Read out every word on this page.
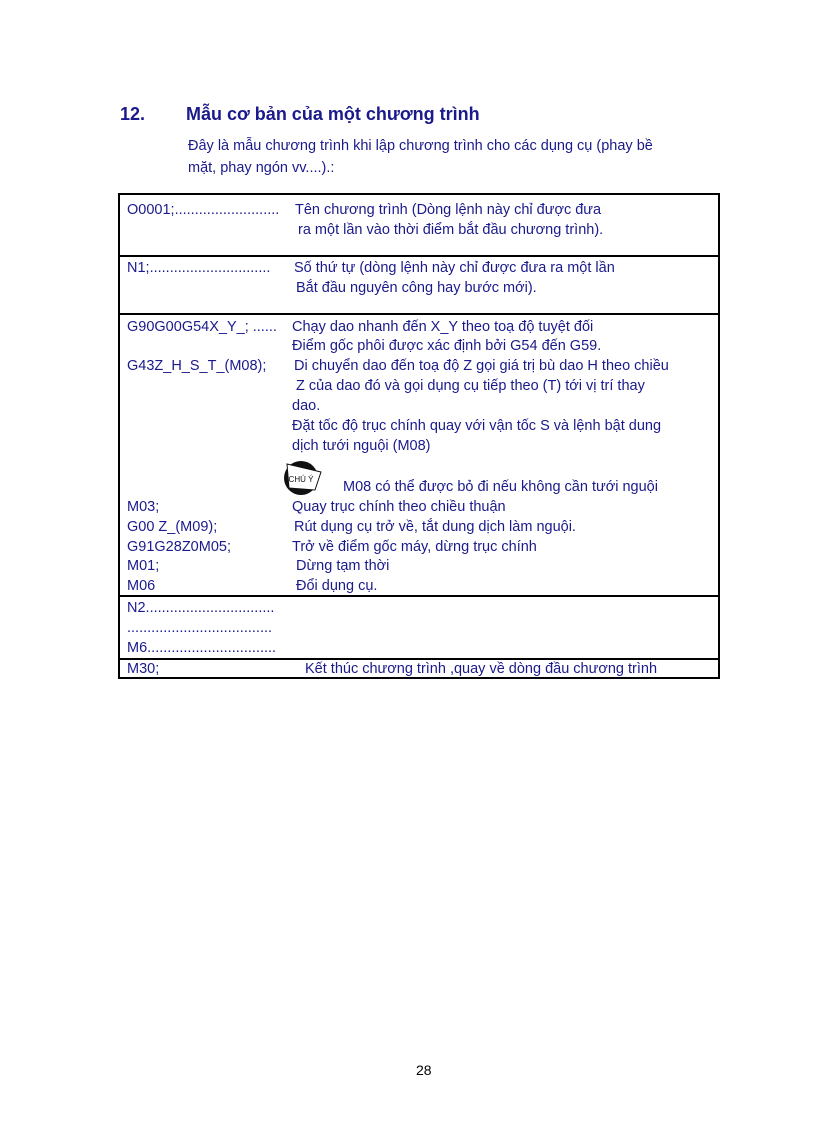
12. Mẫu cơ bản của một chương trình
Đây là mẫu chương trình khi lập chương trình cho các dụng cụ (phay bề
mặt, phay ngón vv....).:
O0001;.......................... Tên chương trình (Dòng lệnh này chỉ được đưa
ra một lần vào thời điểm bắt đầu chương trình).
N1;.............................. Số thứ tự (dòng lệnh này chỉ được đưa ra một lần
Bắt đầu nguyên công hay bước mới).
G90G00G54X_Y_; ...... Chạy dao nhanh đến X_Y theo toạ độ tuyệt đối
Điểm gốc phôi được xác định bởi G54 đến G59.
G43Z_H_S_T_(M08); Di chuyển dao đến toạ độ Z gọi giá trị bù dao H theo chiều
Z của dao đó và gọi dụng cụ tiếp theo (T) tới vị trí thay
dao.
Đặt tốc độ trục chính quay với vận tốc S và lệnh bật dung
dịch tưới nguội (M08)
CHÚ Ý M08 có thể được bỏ đi nếu không cần tưới nguội
M03;	Quay trục chính theo chiều thuận
G00 Z_(M09);	Rút dụng cụ trở về, tắt dung dịch làm nguội.
G91G28Z0M05;	Trở về điểm gốc máy, dừng trục chính
M01;	Dừng tạm thời
M06	Đổi dụng cụ.
N2................................
....................................
M6................................
M30;	Kết thúc chương trình ,quay về dòng đầu chương trình
28
